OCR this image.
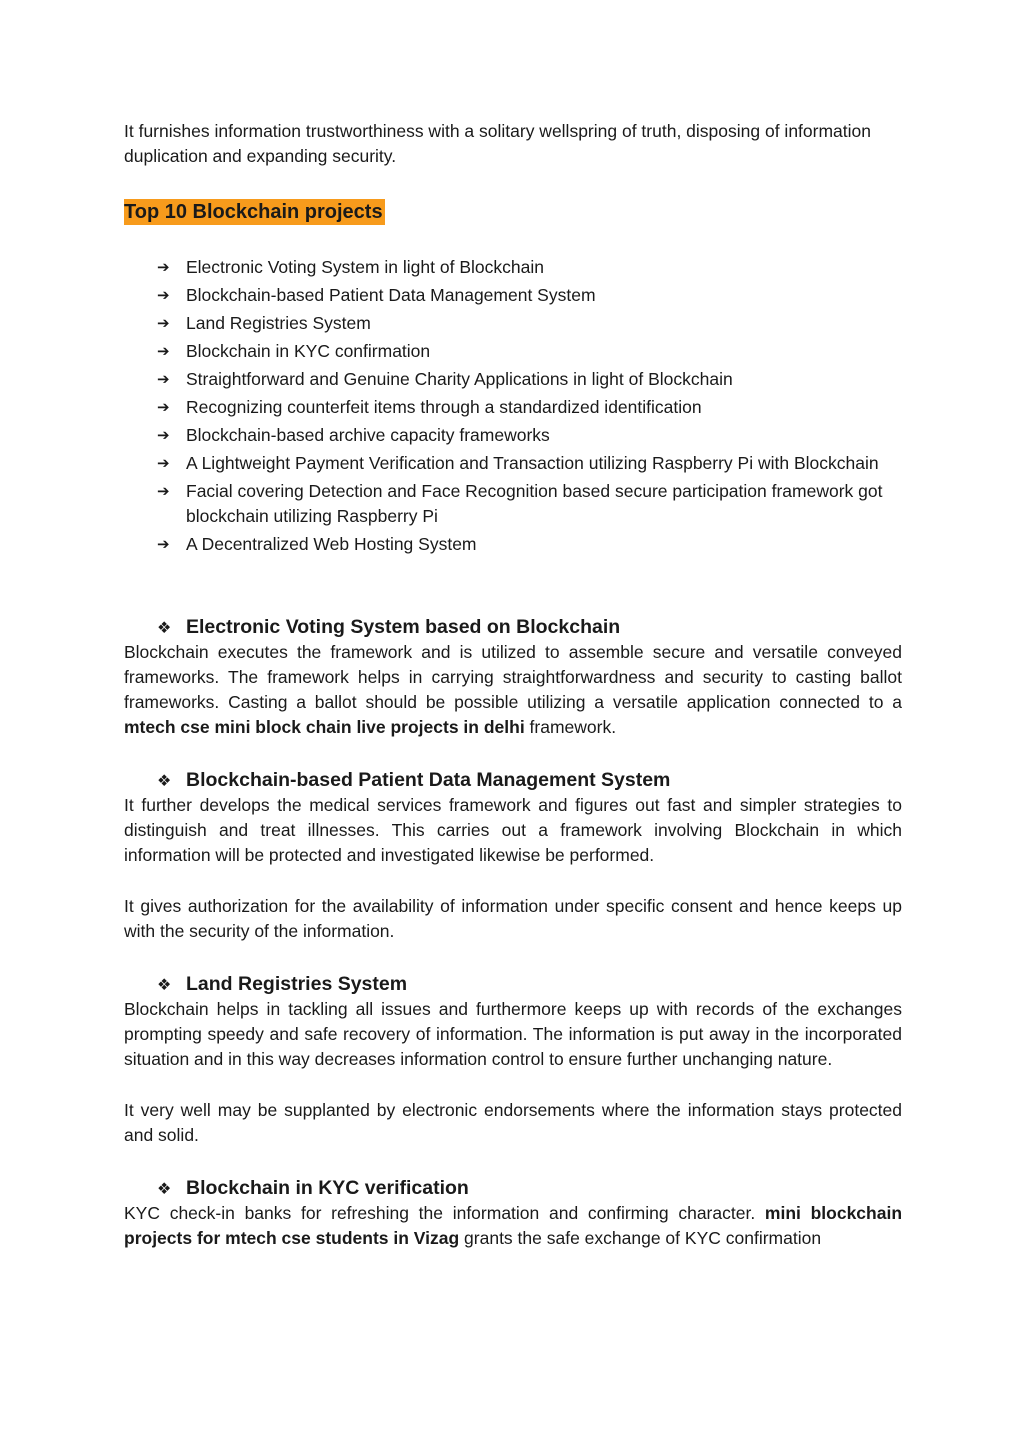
It furnishes information trustworthiness with a solitary wellspring of truth, disposing of information duplication and expanding security.

Top 10 Blockchain projects
➔ Electronic Voting System in light of Blockchain
➔ Blockchain-based Patient Data Management System
➔ Land Registries System
➔ Blockchain in KYC confirmation
➔ Straightforward and Genuine Charity Applications in light of Blockchain
➔ Recognizing counterfeit items through a standardized identification
➔ Blockchain-based archive capacity frameworks
➔ A Lightweight Payment Verification and Transaction utilizing Raspberry Pi with Blockchain
➔ Facial covering Detection and Face Recognition based secure participation framework got blockchain utilizing Raspberry Pi
➔ A Decentralized Web Hosting System
❖ Electronic Voting System based on Blockchain

Blockchain executes the framework and is utilized to assemble secure and versatile conveyed frameworks. The framework helps in carrying straightforwardness and security to casting ballot frameworks. Casting a ballot should be possible utilizing a versatile application connected to a mtech cse mini block chain live projects in delhi framework.

❖ Blockchain-based Patient Data Management System

It further develops the medical services framework and figures out fast and simpler strategies to distinguish and treat illnesses. This carries out a framework involving Blockchain in which information will be protected and investigated likewise be performed.

It gives authorization for the availability of information under specific consent and hence keeps up with the security of the information.

❖ Land Registries System

Blockchain helps in tackling all issues and furthermore keeps up with records of the exchanges prompting speedy and safe recovery of information. The information is put away in the incorporated situation and in this way decreases information control to ensure further unchanging nature.

It very well may be supplanted by electronic endorsements where the information stays protected and solid.

❖ Blockchain in KYC verification

KYC check-in banks for refreshing the information and confirming character. mini blockchain projects for mtech cse students in Vizag grants the safe exchange of KYC confirmation
